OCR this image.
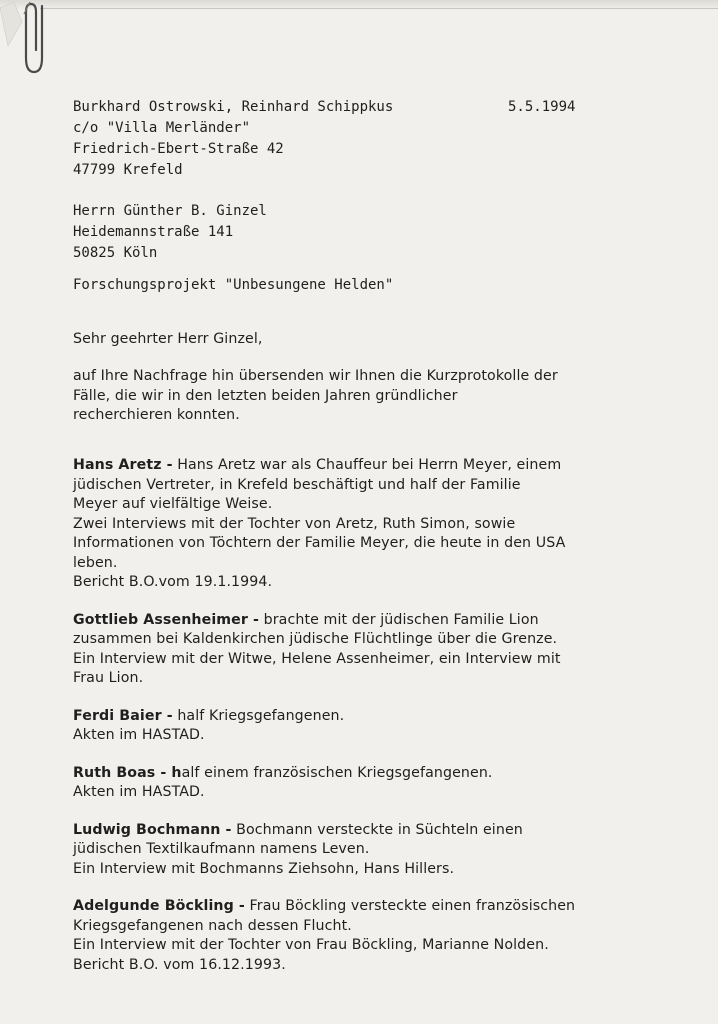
Burkhard Ostrowski, Reinhard Schippkus
c/o "Villa Merländer"
Friedrich-Ebert-Straße 42
47799 Krefeld
5.5.1994
Herrn Günther B. Ginzel
Heidemannstraße 141
50825 Köln
Forschungsprojekt "Unbesungene Helden"
Sehr geehrter Herr Ginzel,
auf Ihre Nachfrage hin übersenden wir Ihnen die Kurzprotokolle der
Fälle, die wir in den letzten beiden Jahren gründlicher
recherchieren konnten.
Hans Aretz - Hans Aretz war als Chauffeur bei Herrn Meyer, einem
jüdischen Vertreter, in Krefeld beschäftigt und half der Familie
Meyer auf vielfältige Weise.
Zwei Interviews mit der Tochter von Aretz, Ruth Simon, sowie
Informationen von Töchtern der Familie Meyer, die heute in den USA
leben.
Bericht B.O.vom 19.1.1994.
Gottlieb Assenheimer - brachte mit der jüdischen Familie Lion
zusammen bei Kaldenkirchen jüdische Flüchtlinge über die Grenze.
Ein Interview mit der Witwe, Helene Assenheimer, ein Interview mit
Frau Lion.
Ferdi Baier - half Kriegsgefangenen.
Akten im HASTAD.
Ruth Boas - half einem französischen Kriegsgefangenen.
Akten im HASTAD.
Ludwig Bochmann - Bochmann versteckte in Süchteln einen
jüdischen Textilkaufmann namens Leven.
Ein Interview mit Bochmanns Ziehsohn, Hans Hillers.
Adelgunde Böckling - Frau Böckling versteckte einen französischen
Kriegsgefangenen nach dessen Flucht.
Ein Interview mit der Tochter von Frau Böckling, Marianne Nolden.
Bericht B.O. vom 16.12.1993.
